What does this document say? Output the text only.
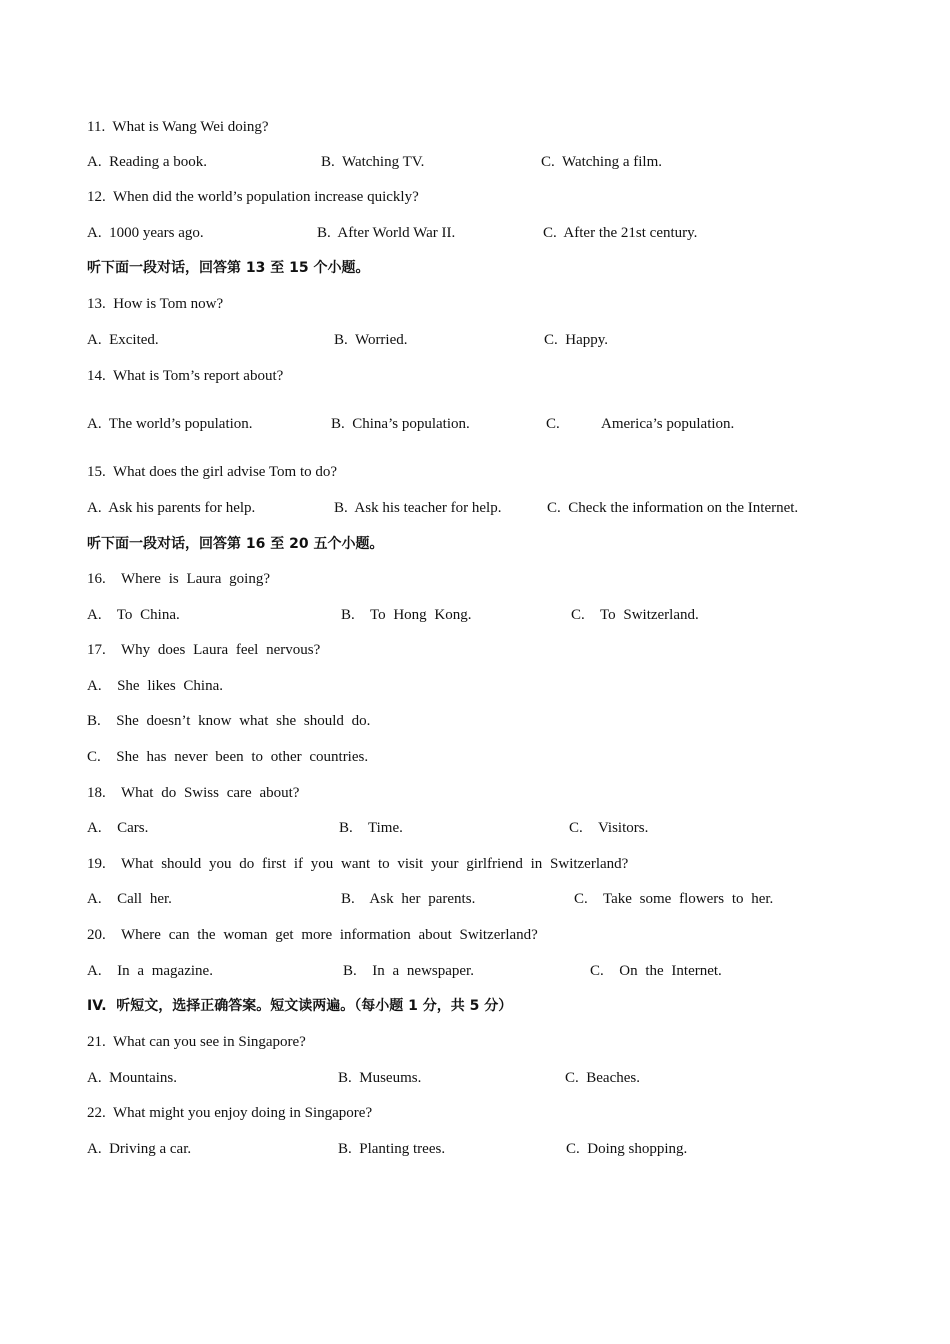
11.  What is Wang Wei doing?
A.  Reading a book.	B.  Watching TV.	C.  Watching a film.
12.  When did the world’s population increase quickly?
A.  1000 years ago.	B.  After World War II.	C.  After the 21st century.
听下面一段对话，回答第 13 至 15 个小题。
13.  How is Tom now?
A.  Excited.	B.  Worried.	C.  Happy.
14.  What is Tom’s report about?
A.  The world’s population.	B.  China’s population.	C.	America’s population.
15.  What does the girl advise Tom to do?
A.  Ask his parents for help.	B.  Ask his teacher for help.	C.  Check the information on the Internet.
听下面一段对话，回答第 16 至 20 五个小题。
16.  Where is Laura going?
A.  To China.	B.  To Hong Kong.	C.  To Switzerland.
17.  Why does Laura feel nervous?
A.  She likes China.
B.  She doesn’t know what she should do.
C.  She has never been to other countries.
18.  What do Swiss care about?
A.  Cars.	B.  Time.	C.  Visitors.
19.  What should you do first if you want to visit your girlfriend in Switzerland?
A.  Call her.	B.  Ask her parents.	C.  Take some flowers to her.
20.  Where can the woman get more information about Switzerland?
A.  In a magazine.	B.  In a newspaper.	C.  On the Internet.
IV.  听短文，选择正确答案。短文读两遍。（每小题 1 分，共 5 分）
21.  What can you see in Singapore?
A.  Mountains.	B.  Museums.	C.  Beaches.
22.  What might you enjoy doing in Singapore?
A.  Driving a car.	B.  Planting trees.	C.  Doing shopping.
